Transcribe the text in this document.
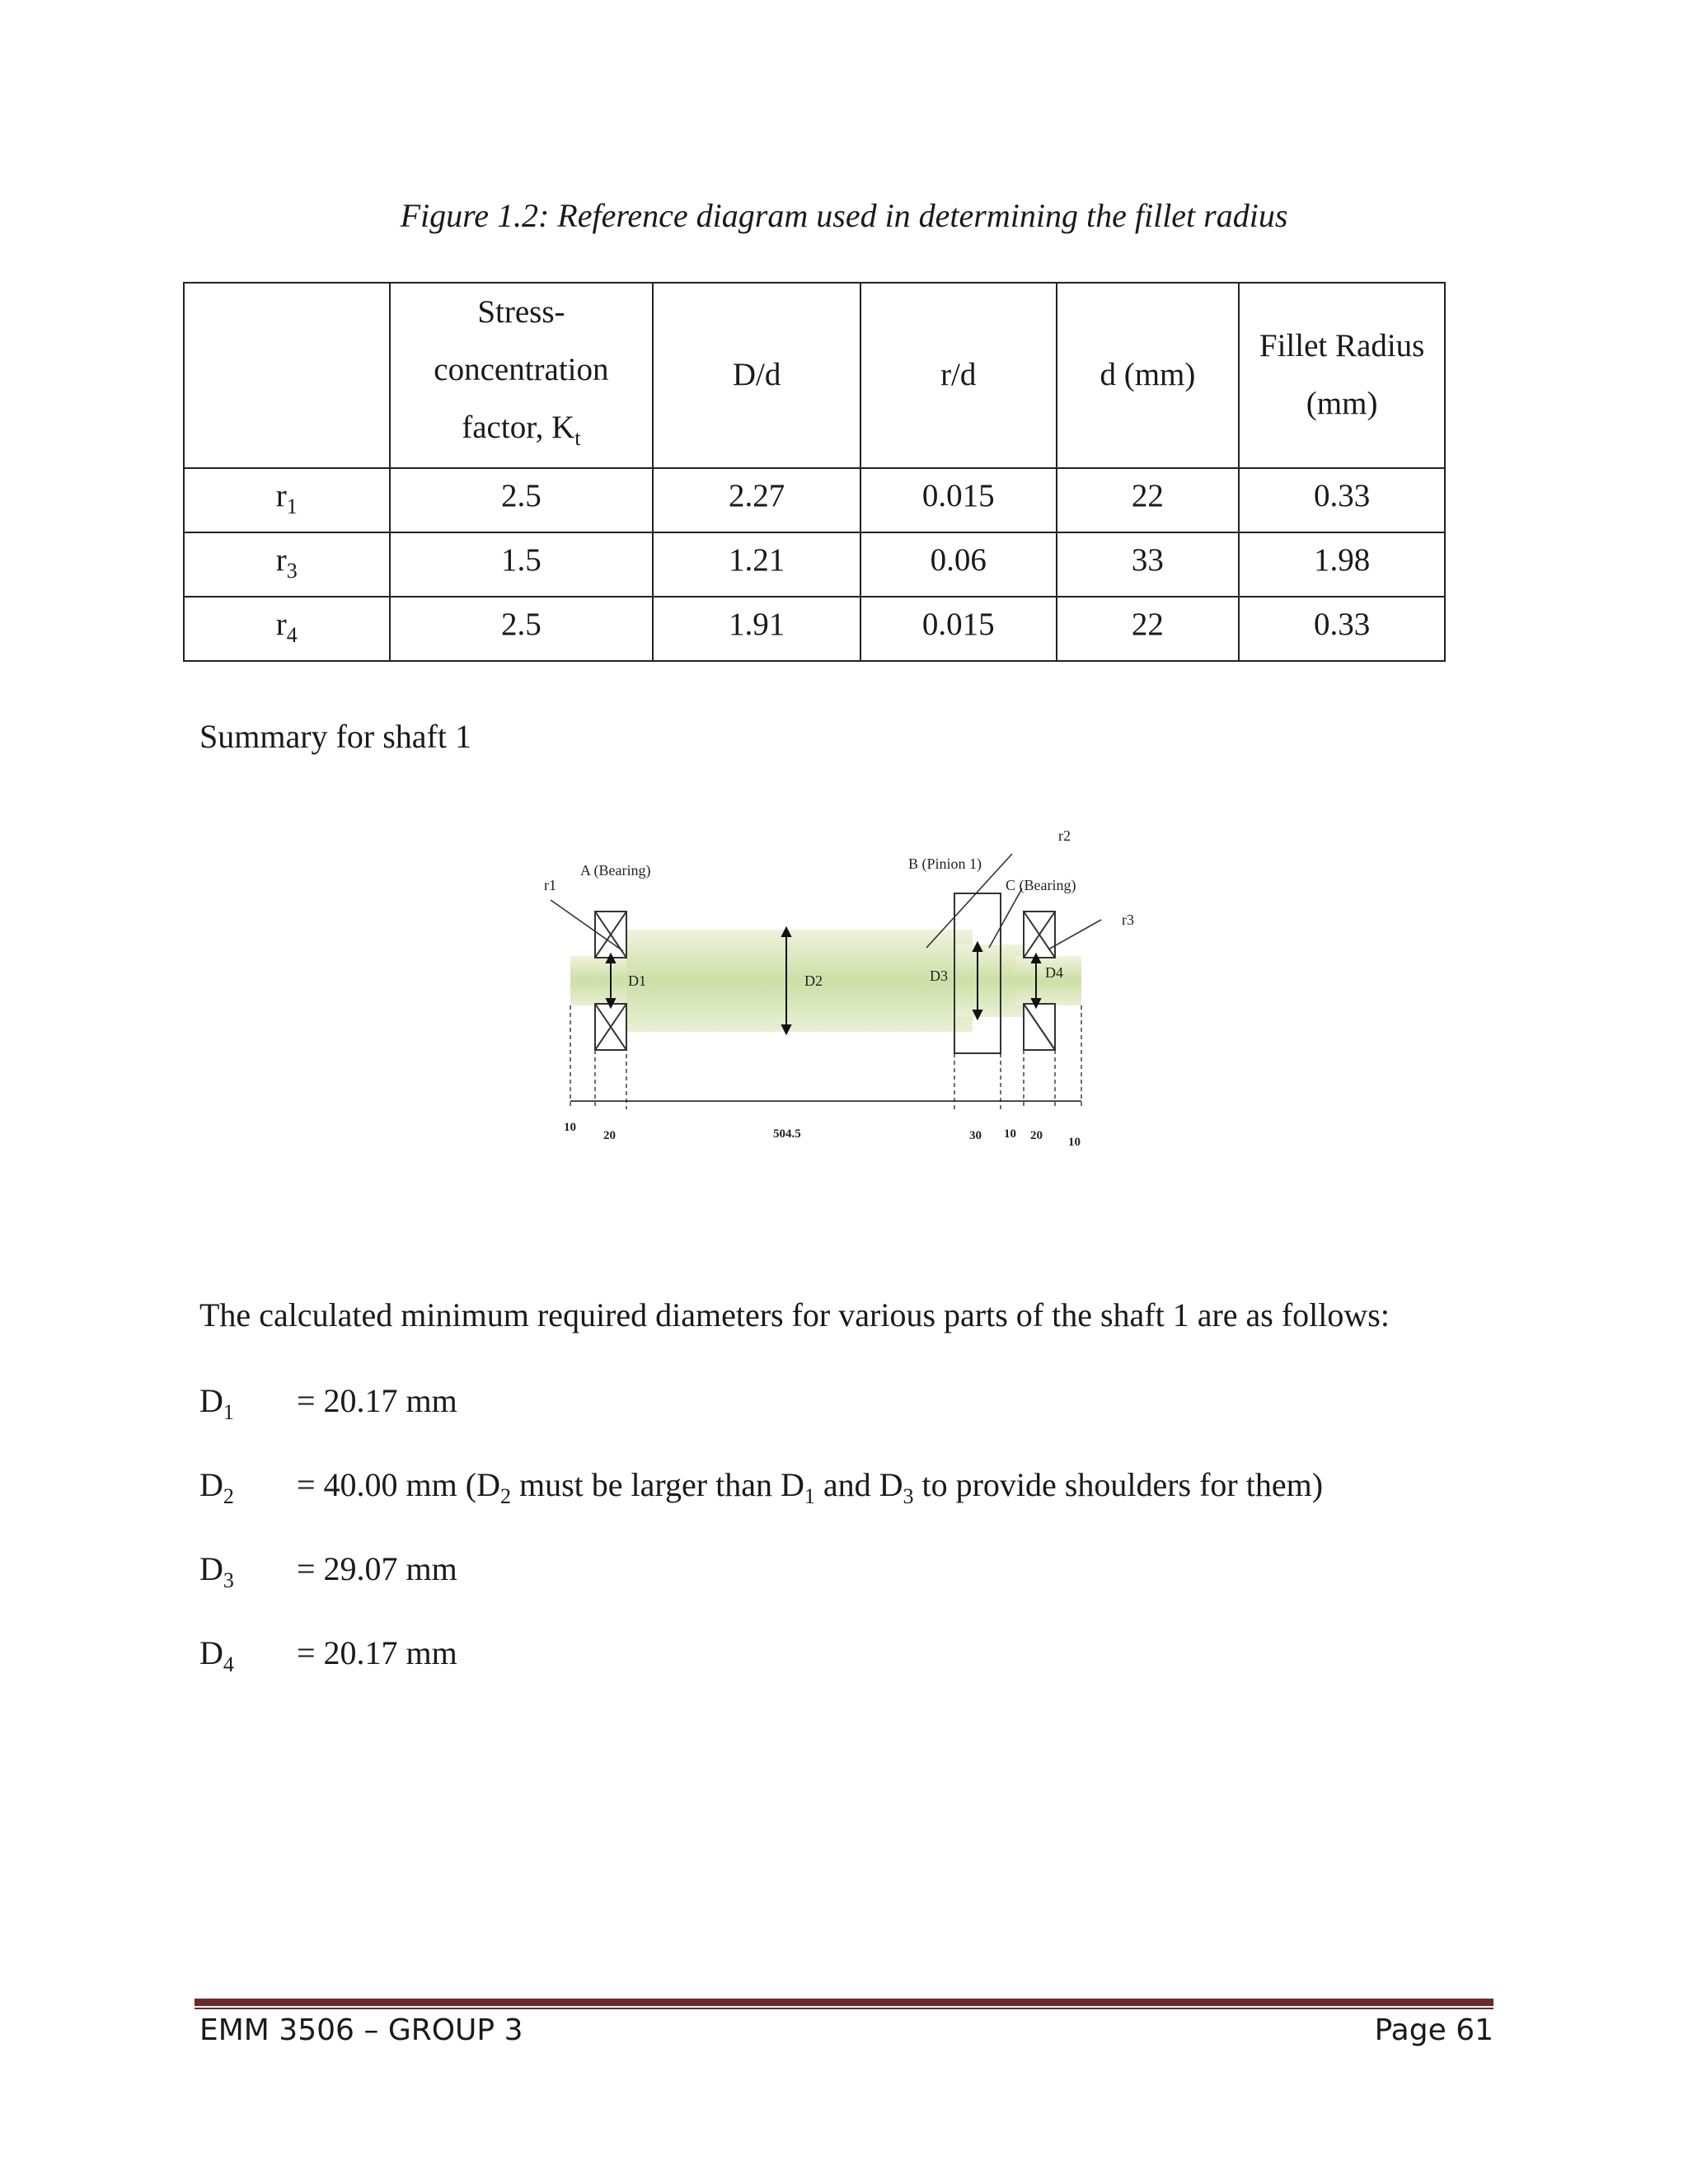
Figure 1.2: Reference diagram used in determining the fillet radius
	Stress-
concentration
factor, $K_t$	D/d	r/d	d (mm)	Fillet Radius
(mm)
$r_1$	2.5	2.27	0.015	22	0.33
$r_3$	1.5	1.21	0.06	33	1.98
$r_4$	2.5	1.91	0.015	22	0.33
Summary for shaft 1
r1
A (Bearing)	B (Pinion 1)
r2
C (Bearing)
r3
D1	D2	D3	D4
10
20	504.5	30 10 20 10
The calculated minimum required diameters for various parts of the shaft 1 are as follows:
$D_1 = 20.17$ mm
$D_2 = 40.00$ mm ($D_2$ must be larger than $D_1$ and $D_3$ to provide shoulders for them)
$D_3 = 29.07$ mm
$D_4 = 20.17$ mm
EMM 3506 – GROUP 3	Page 61
